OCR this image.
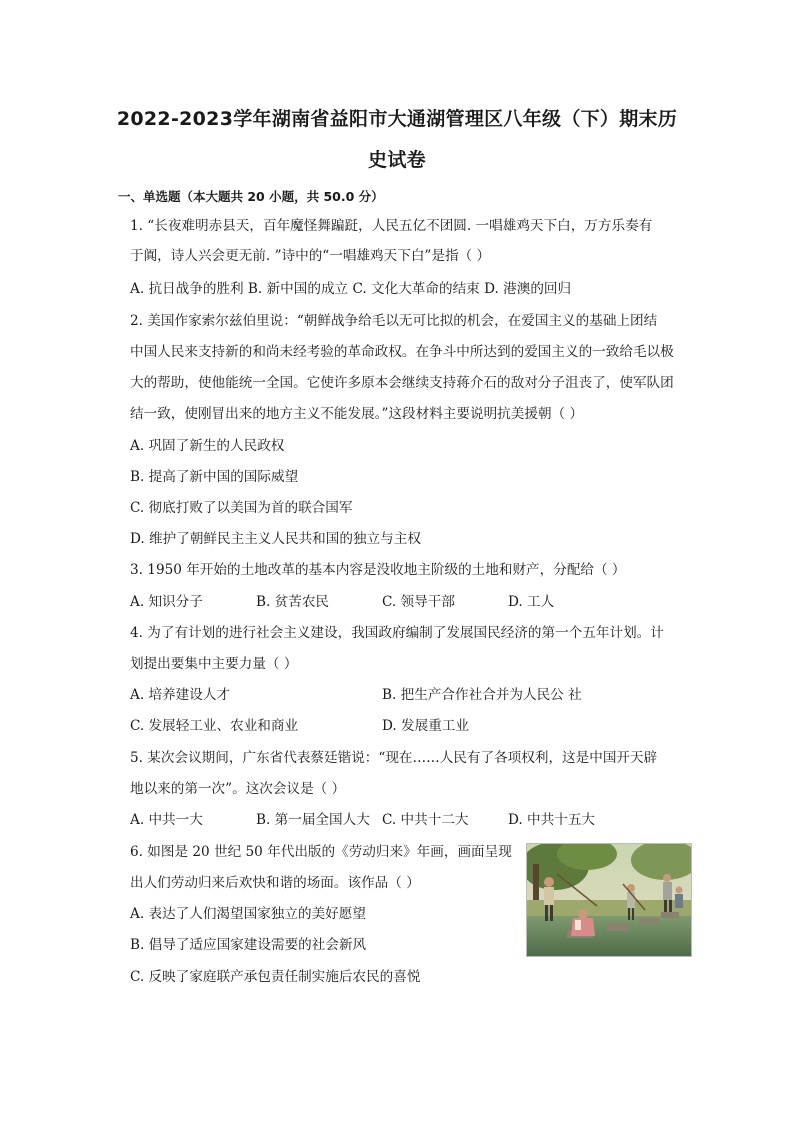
2022-2023学年湖南省益阳市大通湖管理区八年级（下）期末历
史试卷
一、单选题（本大题共 20 小题，共 50.0 分）
1. “长夜难明赤县天，百年魔怪舞蹁跹，人民五亿不团圆. 一唱雄鸡天下白，万方乐奏有
于阗，诗人兴会更无前. ”诗中的“一唱雄鸡天下白”是指（ ）
A. 抗日战争的胜利 B. 新中国的成立 C. 文化大革命的结束 D. 港澳的回归
2. 美国作家索尔兹伯里说：“朝鲜战争给毛以无可比拟的机会，在爱国主义的基础上团结
中国人民来支持新的和尚未经考验的革命政权。在争斗中所达到的爱国主义的一致给毛以极
大的帮助，使他能统一全国。它使许多原本会继续支持蒋介石的敌对分子沮丧了，使军队团
结一致，使刚冒出来的地方主义不能发展。”这段材料主要说明抗美援朝（ ）
A. 巩固了新生的人民政权
B. 提高了新中国的国际威望
C. 彻底打败了以美国为首的联合国军
D. 维护了朝鲜民主主义人民共和国的独立与主权
3. 1950 年开始的土地改革的基本内容是没收地主阶级的土地和财产，分配给（ ）
A. 知识分子	B. 贫苦农民	C. 领导干部	D. 工人
4. 为了有计划的进行社会主义建设，我国政府编制了发展国民经济的第一个五年计划。计
划提出要集中主要力量（ ）
A. 培养建设人才	B. 把生产合作社合并为人民公 社
C. 发展轻工业、农业和商业	D. 发展重工业
5. 某次会议期间，广东省代表蔡廷锴说：“现在……人民有了各项权利，这是中国开天辟
地以来的第一次”。这次会议是（ ）
A. 中共一大	B. 第一届全国人大 C. 中共十二大	D. 中共十五大
6. 如图是 20 世纪 50 年代出版的《劳动归来》年画，画面呈现
出人们劳动归来后欢快和谐的场面。该作品（ ）
A. 表达了人们渴望国家独立的美好愿望
B. 倡导了适应国家建设需要的社会新风
C. 反映了家庭联产承包责任制实施后农民的喜悦
